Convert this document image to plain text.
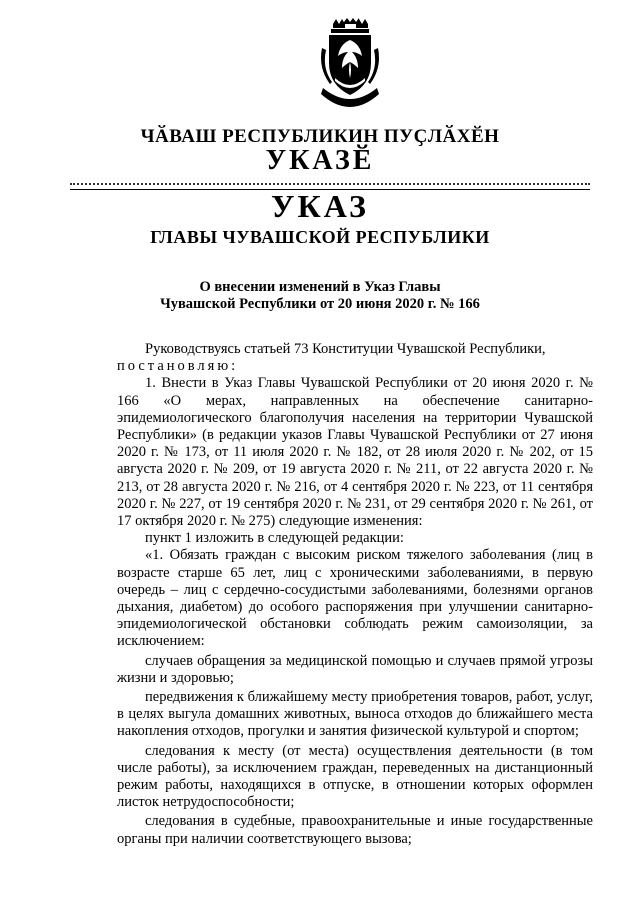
ЧӐВАШ РЕСПУБЛИКИН ПУҪЛӐХӖН
УКАЗӖ
УКАЗ
ГЛАВЫ ЧУВАШСКОЙ РЕСПУБЛИКИ
О внесении изменений в Указ Главы
Чувашской Республики от 20 июня 2020 г. № 166

Руководствуясь статьей 73 Конституции Чувашской Республики,

постановляю:

1. Внести в Указ Главы Чувашской Республики от 20 июня 2020 г. № 166 «О мерах, направленных на обеспечение санитарно-эпидемиологического благополучия населения на территории Чувашской Республики» (в редакции указов Главы Чувашской Республики от 27 июня 2020 г. № 173, от 11 июля 2020 г. № 182, от 28 июля 2020 г. № 202, от 15 августа 2020 г. № 209, от 19 августа 2020 г. № 211, от 22 августа 2020 г. № 213, от 28 августа 2020 г. № 216, от 4 сентября 2020 г. № 223, от 11 сентября 2020 г. № 227, от 19 сентября 2020 г. № 231, от 29 сентября 2020 г. № 261, от 17 октября 2020 г. № 275) следующие изменения:

пункт 1 изложить в следующей редакции:

«1. Обязать граждан с высоким риском тяжелого заболевания (лиц в возрасте старше 65 лет, лиц с хроническими заболеваниями, в первую очередь – лиц с сердечно-сосудистыми заболеваниями, болезнями органов дыхания, диабетом) до особого распоряжения при улучшении санитарно-эпидемиологической обстановки соблюдать режим самоизоляции, за исключением:

случаев обращения за медицинской помощью и случаев прямой угрозы жизни и здоровью;

передвижения к ближайшему месту приобретения товаров, работ, услуг, в целях выгула домашних животных, выноса отходов до ближайшего места накопления отходов, прогулки и занятия физической культурой и спортом;

следования к месту (от места) осуществления деятельности (в том числе работы), за исключением граждан, переведенных на дистанционный режим работы, находящихся в отпуске, в отношении которых оформлен листок нетрудоспособности;

следования в судебные, правоохранительные и иные государственные органы при наличии соответствующего вызова;
